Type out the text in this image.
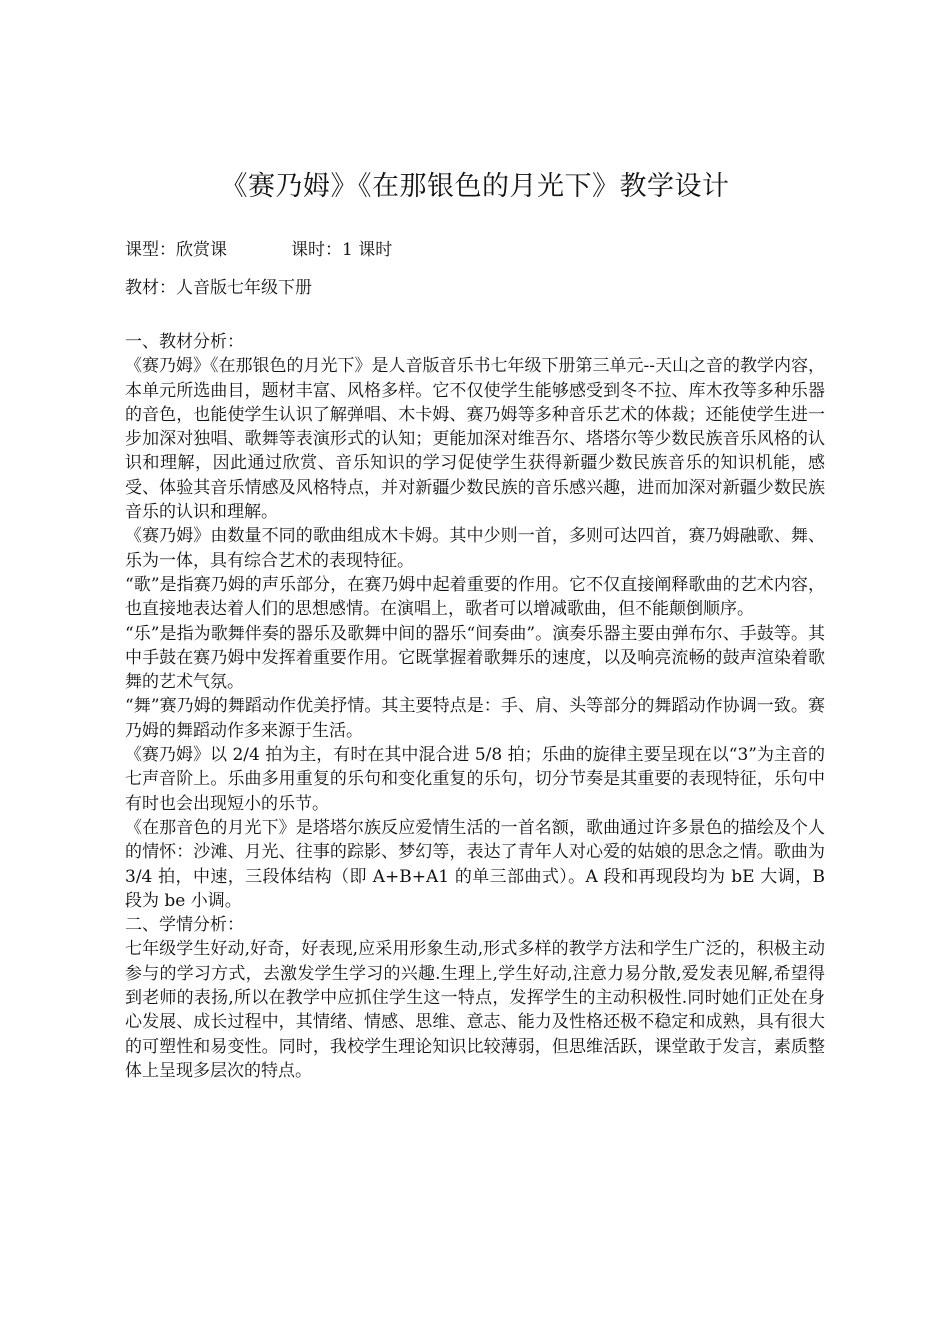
《赛乃姆》《在那银色的月光下》教学设计
课型：欣赏课	课时：1 课时
教材：人音版七年级下册

一、教材分析：

《赛乃姆》《在那银色的月光下》是人音版音乐书七年级下册第三单元--天山之音的教学内容，本单元所选曲目，题材丰富、风格多样。它不仅使学生能够感受到冬不拉、库木孜等多种乐器的音色，也能使学生认识了解弹唱、木卡姆、赛乃姆等多种音乐艺术的体裁；还能使学生进一步加深对独唱、歌舞等表演形式的认知；更能加深对维吾尔、塔塔尔等少数民族音乐风格的认识和理解，因此通过欣赏、音乐知识的学习促使学生获得新疆少数民族音乐的知识机能，感受、体验其音乐情感及风格特点，并对新疆少数民族的音乐感兴趣，进而加深对新疆少数民族音乐的认识和理解。

《赛乃姆》由数量不同的歌曲组成木卡姆。其中少则一首，多则可达四首，赛乃姆融歌、舞、乐为一体，具有综合艺术的表现特征。

“歌”是指赛乃姆的声乐部分，在赛乃姆中起着重要的作用。它不仅直接阐释歌曲的艺术内容，也直接地表达着人们的思想感情。在演唱上，歌者可以增减歌曲，但不能颠倒顺序。

“乐”是指为歌舞伴奏的器乐及歌舞中间的器乐“间奏曲”。演奏乐器主要由弹布尔、手鼓等。其中手鼓在赛乃姆中发挥着重要作用。它既掌握着歌舞乐的速度，以及响亮流畅的鼓声渲染着歌舞的艺术气氛。

“舞”赛乃姆的舞蹈动作优美抒情。其主要特点是：手、肩、头等部分的舞蹈动作协调一致。赛乃姆的舞蹈动作多来源于生活。

《赛乃姆》以 2/4 拍为主，有时在其中混合进 5/8 拍；乐曲的旋律主要呈现在以“3”为主音的七声音阶上。乐曲多用重复的乐句和变化重复的乐句，切分节奏是其重要的表现特征，乐句中有时也会出现短小的乐节。

《在那音色的月光下》是塔塔尔族反应爱情生活的一首名额，歌曲通过许多景色的描绘及个人的情怀：沙滩、月光、往事的踪影、梦幻等，表达了青年人对心爱的姑娘的思念之情。歌曲为 3/4 拍，中速，三段体结构（即 A+B+A1 的单三部曲式）。A 段和再现段均为 bE 大调，B 段为 be 小调。

二、学情分析：

七年级学生好动,好奇，好表现,应采用形象生动,形式多样的教学方法和学生广泛的，积极主动参与的学习方式，去激发学生学习的兴趣.生理上,学生好动,注意力易分散,爱发表见解,希望得到老师的表扬,所以在教学中应抓住学生这一特点，发挥学生的主动积极性.同时她们正处在身心发展、成长过程中，其情绪、情感、思维、意志、能力及性格还极不稳定和成熟，具有很大的可塑性和易变性。同时，我校学生理论知识比较薄弱，但思维活跃，课堂敢于发言，素质整体上呈现多层次的特点。
